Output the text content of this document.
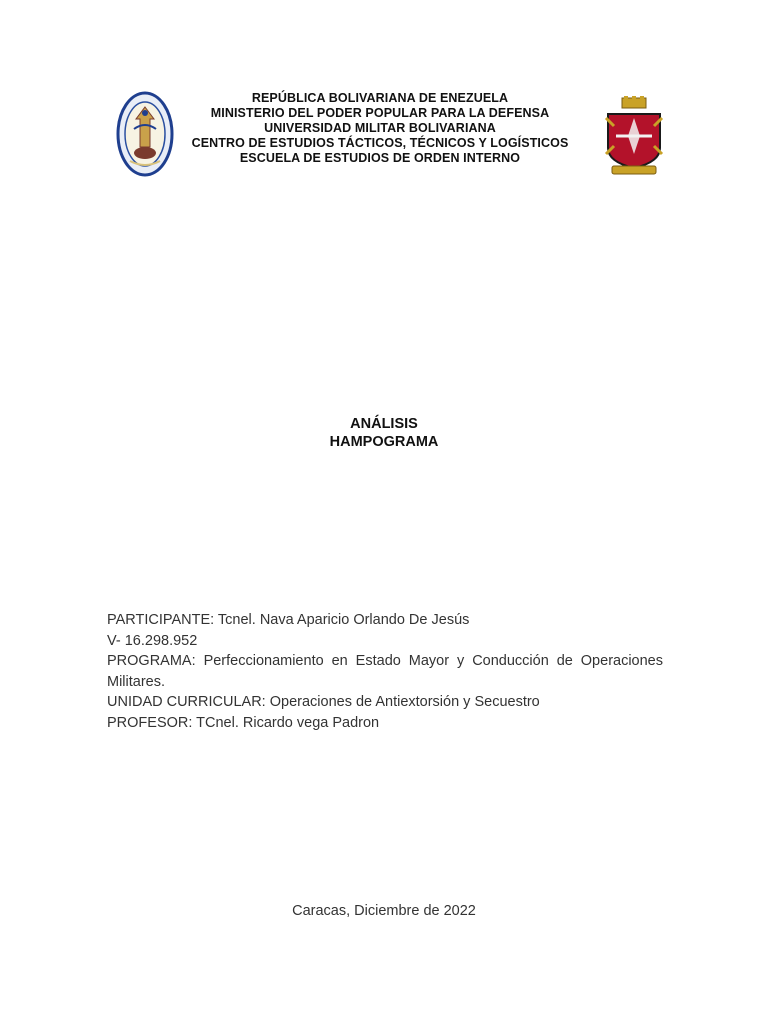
REPÚBLICA BOLIVARIANA DE ENEZUELA
MINISTERIO DEL PODER POPULAR PARA LA DEFENSA
UNIVERSIDAD MILITAR BOLIVARIANA
CENTRO DE ESTUDIOS TÁCTICOS, TÉCNICOS Y LOGÍSTICOS
ESCUELA DE ESTUDIOS DE ORDEN INTERNO
ANÁLISIS
HAMPOGRAMA
PARTICIPANTE: Tcnel. Nava Aparicio Orlando De Jesús
V- 16.298.952
PROGRAMA: Perfeccionamiento en Estado Mayor y Conducción de Operaciones
Militares.
UNIDAD CURRICULAR: Operaciones de Antiextorsión y Secuestro
PROFESOR: TCnel. Ricardo vega Padron
Caracas, Diciembre de 2022
